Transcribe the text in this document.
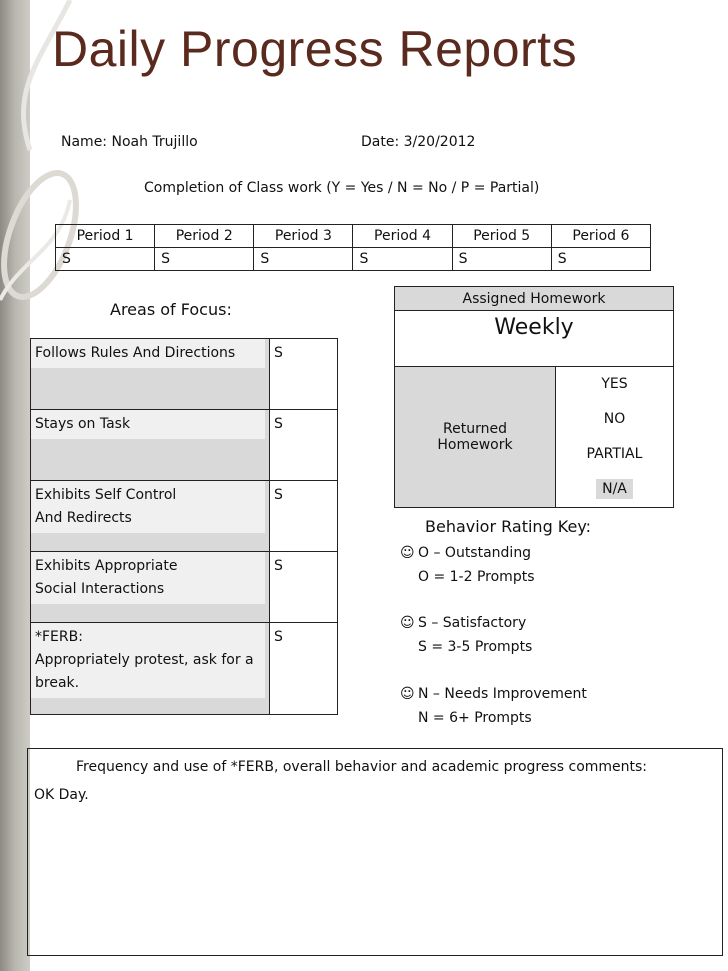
Daily Progress Reports
Name: Noah Trujillo	Date: 3/20/2012
Completion of Class work (Y = Yes / N = No / P = Partial)
Period 1	Period 2	Period 3	Period 4	Period 5	Period 6
S	S	S	S	S	S
Areas of Focus:
Follows Rules And Directions	S

Stays on Task	S

Exhibits Self Control
And Redirects	S

Exhibits Appropriate
Social Interactions	S

*FERB:
Appropriately protest, ask for a break.	S
Assigned Homework
Weekly
Returned Homework	
YES
NO
PARTIAL
N/A
Behavior Rating Key:
☺ O – Outstanding
O = 1-2 Prompts
☺ S – Satisfactory
S = 3-5 Prompts
☺ N – Needs Improvement
N = 6+ Prompts
Frequency and use of *FERB, overall behavior and academic progress comments:
OK Day.
